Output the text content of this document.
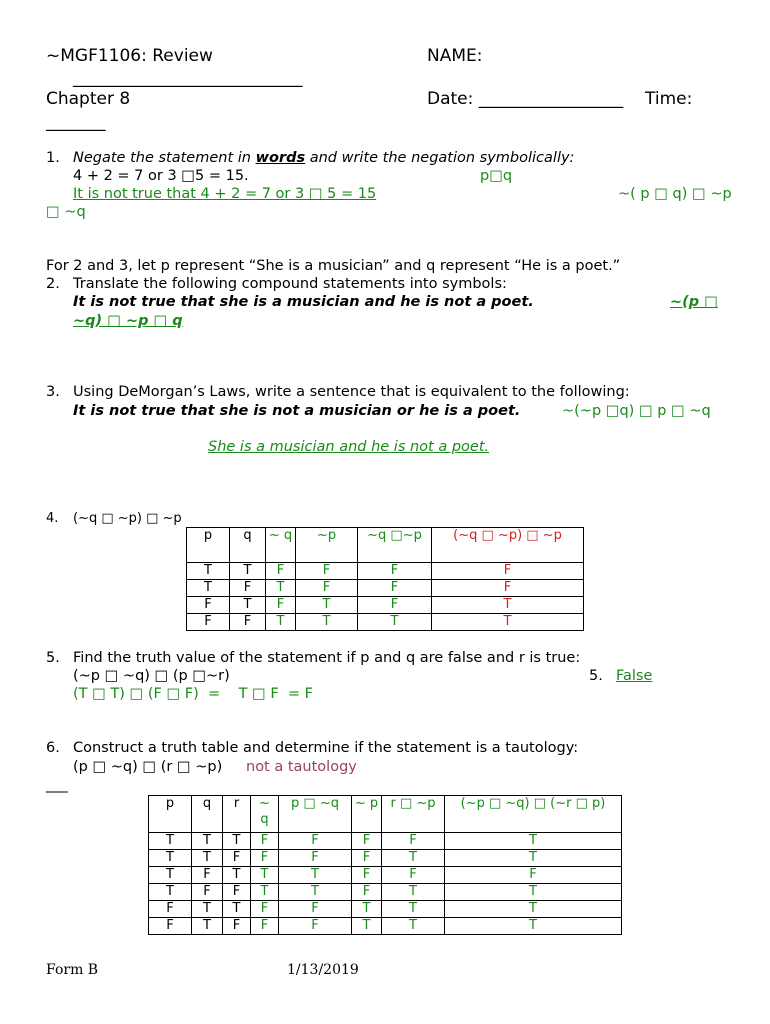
~MGF1106: Review	NAME:
___________________________
Chapter 8	Date: _________________ Time:
_______
1. Negate the statement in words and write the negation symbolically:
4 + 2 = 7 or 3 □5 = 15.	p□q
It is not true that 4 + 2 = 7 or 3 □ 5 = 15	~( p □ q) □ ~p
□ ~q
For 2 and 3, let p represent “She is a musician” and q represent “He is a poet.”
2. Translate the following compound statements into symbols:
It is not true that she is a musician and he is not a poet.	~(p □
~q) □ ~p □ q
3. Using DeMorgan’s Laws, write a sentence that is equivalent to the following:
It is not true that she is not a musician or he is a poet.	~(~p □q) □ p □ ~q
She is a musician and he is not a poet.
4. (~q □ ~p) □ ~p
p	q	~ q	~p	~q □~p	(~q □ ~p) □ ~p
T	T	F	F	F	F
T	F	T	F	F	F
F	T	F	T	F	T
F	F	T	T	T	T
5. Find the truth value of the statement if p and q are false and r is true:
(~p □ ~q) □ (p □~r)	5. False
(T □ T) □ (F □ F)  =    T □ F  = F
6. Construct a truth table and determine if the statement is a tautology:
(p □ ~q) □ (r □ ~p) not a tautology
___
p	q	r	~ q	p □ ~q	~ p	r □ ~p	(~p □ ~q) □ (~r □ p)
T	T	T	F	F	F	F	T
T	T	F	F	F	F	T	T
T	F	T	T	T	F	F	F
T	F	F	T	T	F	T	T
F	T	T	F	F	T	T	T
F	T	F	F	F	T	T	T
Form B	1/13/2019
